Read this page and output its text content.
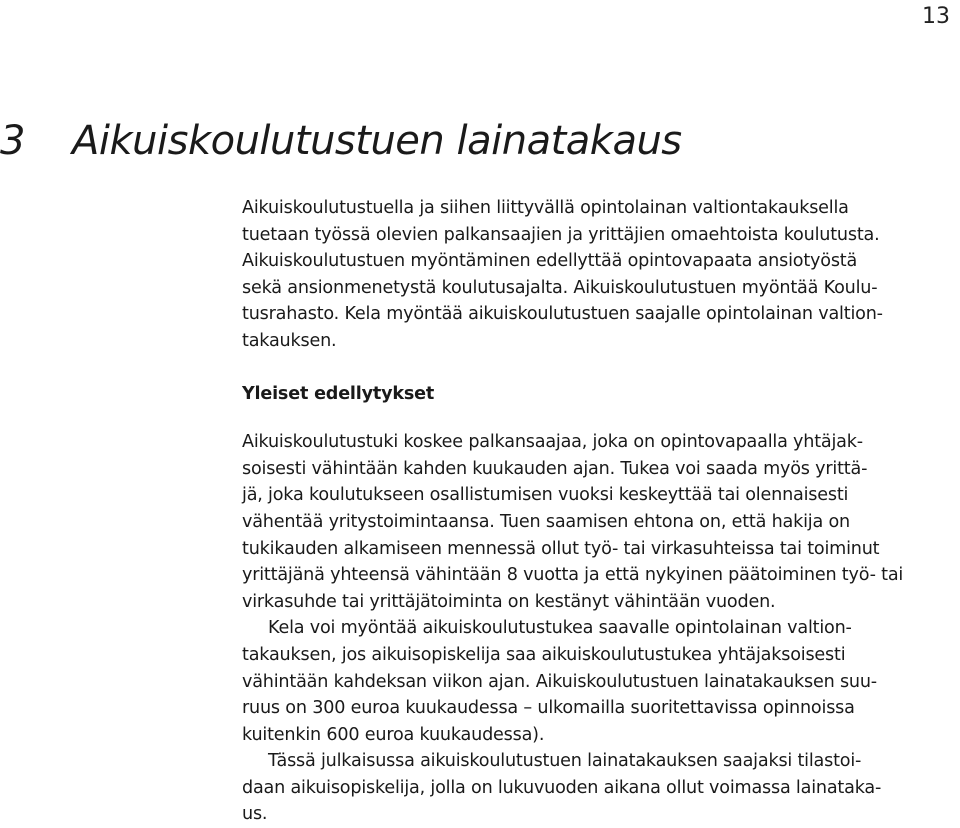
13
3 Aikuiskoulutustuen lainatakaus

Aikuiskoulutustuella ja siihen liittyvällä opintolainan valtiontakauksella
tuetaan työssä olevien palkansaajien ja yrittäjien omaehtoista koulutusta.
Aikuiskoulutustuen myöntäminen edellyttää opintovapaata ansiotyöstä
sekä ansionmenetystä koulutusajalta. Aikuiskoulutustuen myöntää Koulu-
tusrahasto. Kela myöntää aikuiskoulutustuen saajalle opintolainan valtion-
takauksen.

Yleiset edellytykset

Aikuiskoulutustuki koskee palkansaajaa, joka on opintovapaalla yhtäjak-
soisesti vähintään kahden kuukauden ajan. Tukea voi saada myös yrittä-
jä, joka koulutukseen osallistumisen vuoksi keskeyttää tai olennaisesti
vähentää yritystoimintaansa. Tuen saamisen ehtona on, että hakija on
tukikauden alkamiseen mennessä ollut työ- tai virkasuhteissa tai toiminut
yrittäjänä yhteensä vähintään 8 vuotta ja että nykyinen päätoiminen työ- tai
virkasuhde tai yrittäjätoiminta on kestänyt vähintään vuoden.

Kela voi myöntää aikuiskoulutustukea saavalle opintolainan valtion-
takauksen, jos aikuisopiskelija saa aikuiskoulutustukea yhtäjaksoisesti
vähintään kahdeksan viikon ajan. Aikuiskoulutustuen lainatakauksen suu-
ruus on 300 euroa kuukaudessa – ulkomailla suoritettavissa opinnoissa
kuitenkin 600 euroa kuukaudessa).

Tässä julkaisussa aikuiskoulutustuen lainatakauksen saajaksi tilastoi-
daan aikuisopiskelija, jolla on lukuvuoden aikana ollut voimassa lainataka-
us.
